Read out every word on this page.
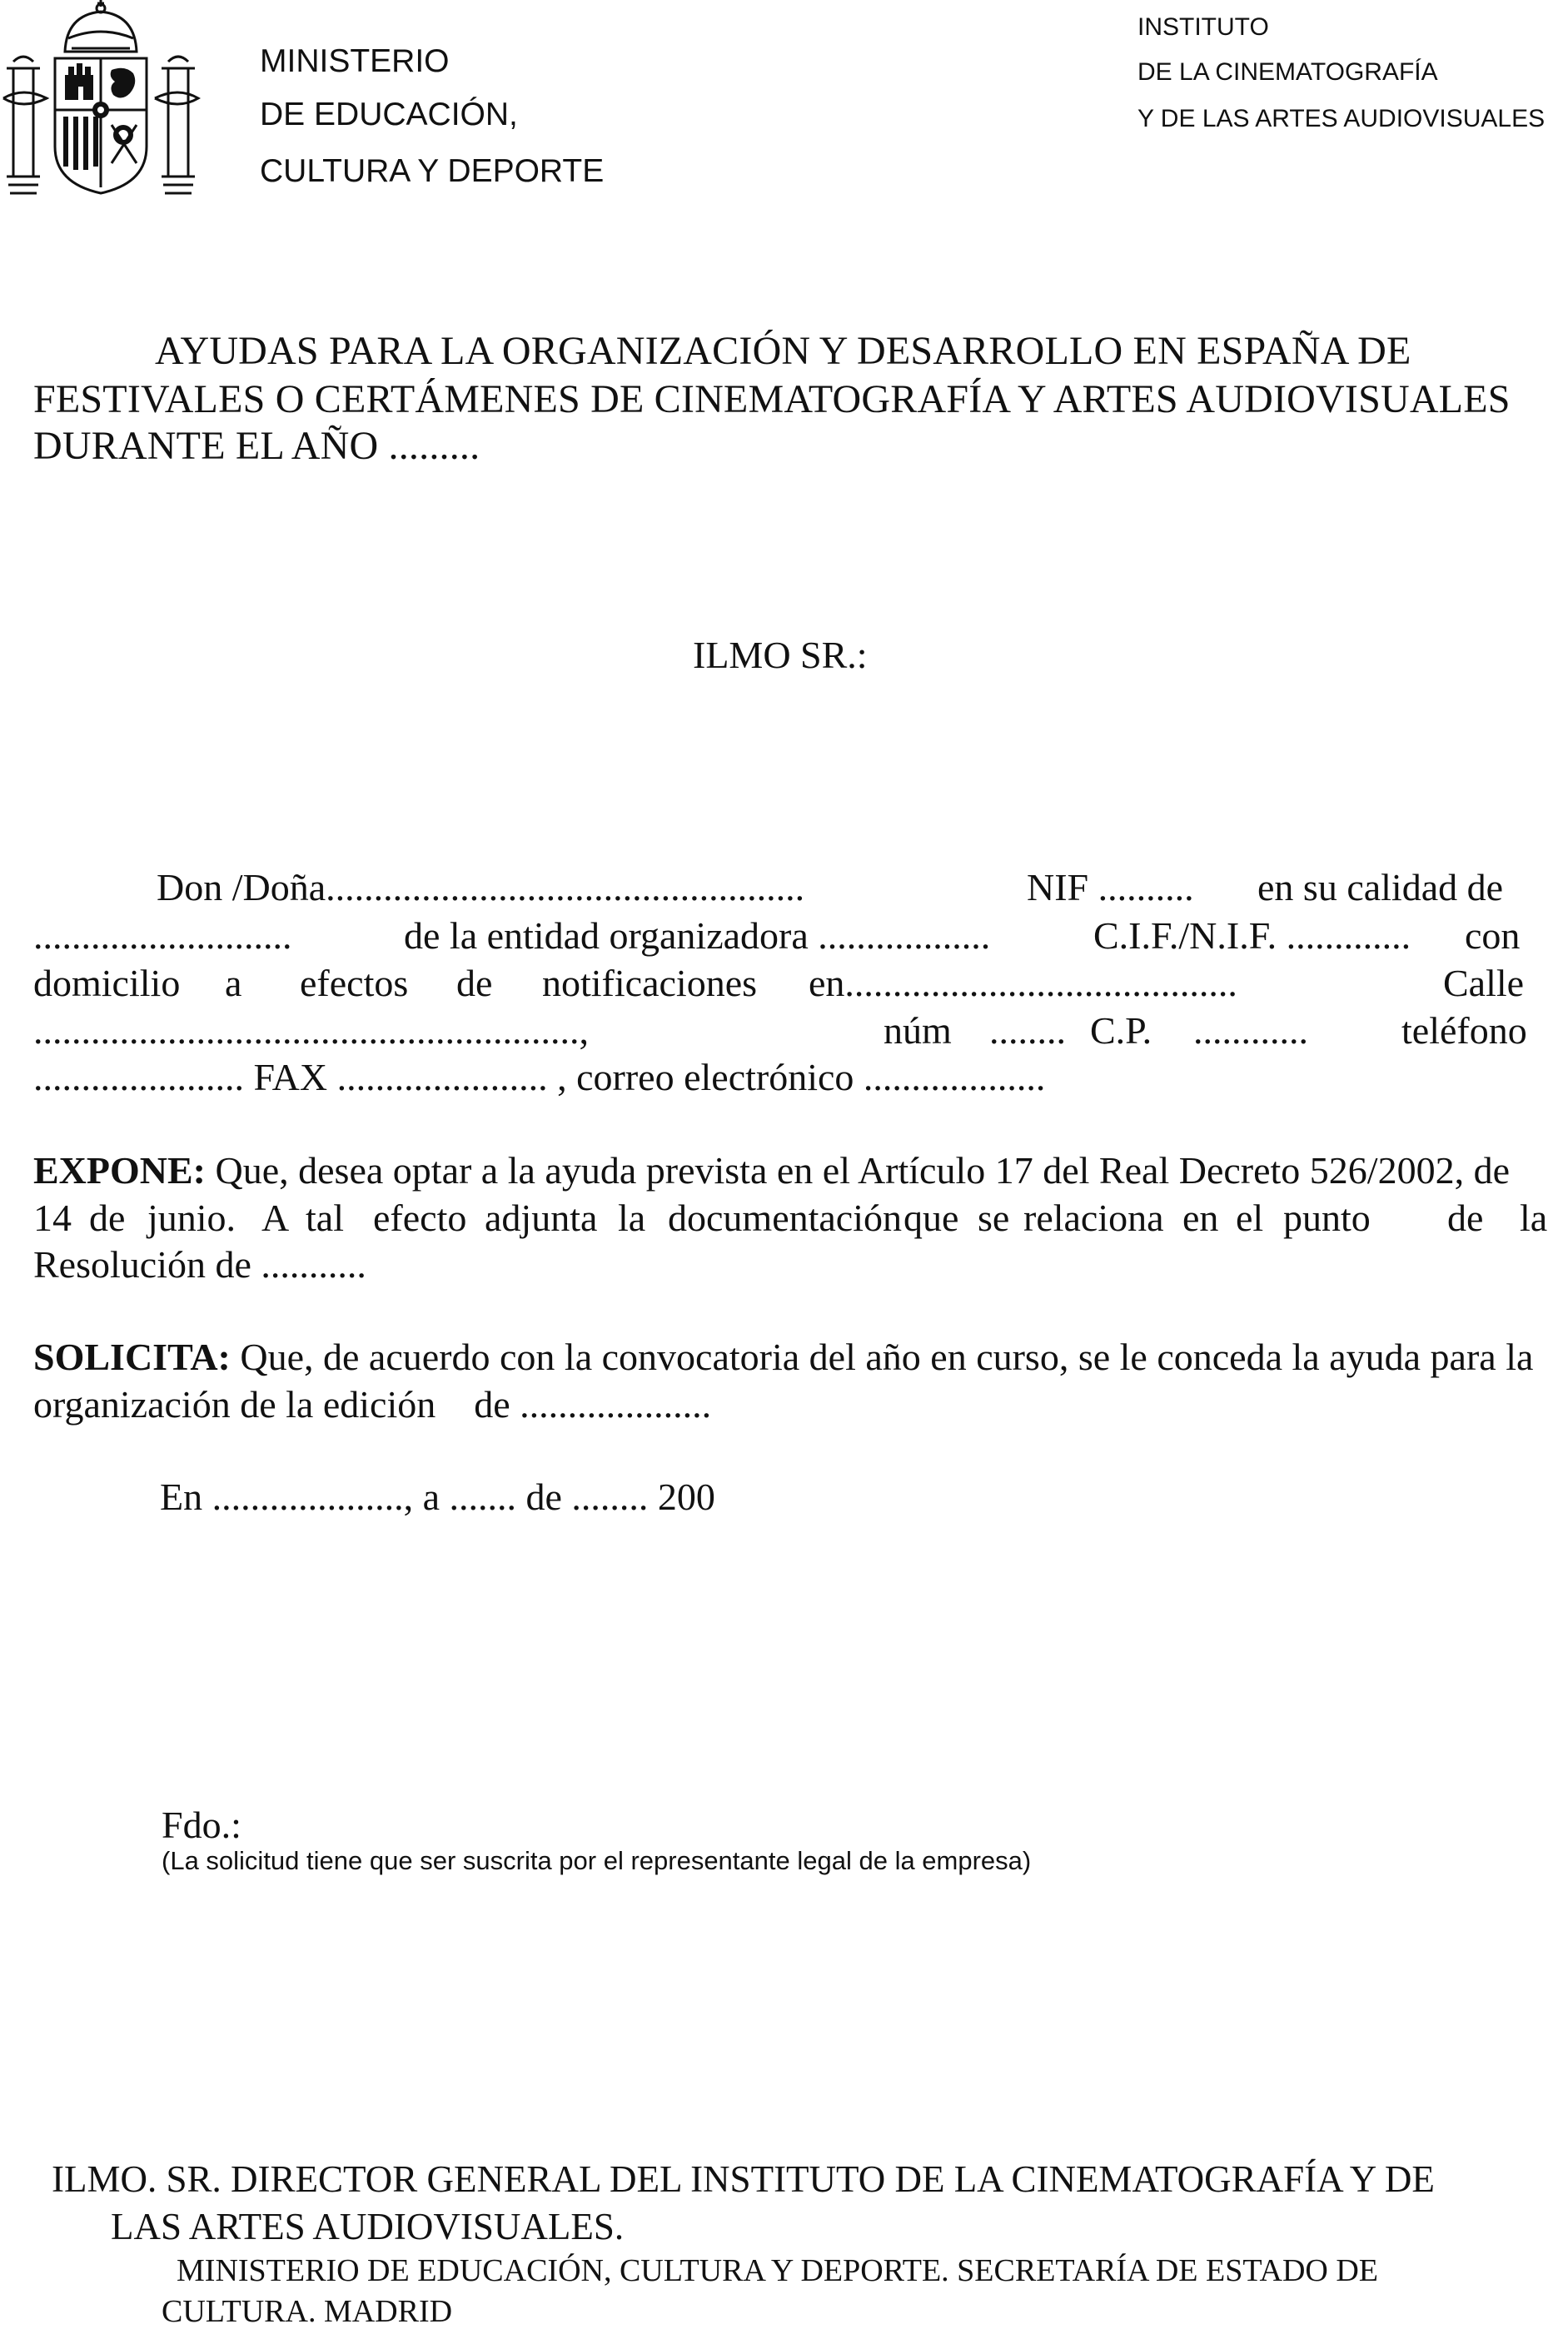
MINISTERIO
DE EDUCACIÓN,
CULTURA Y DEPORTE
INSTITUTO
DE LA CINEMATOGRAFÍA
Y DE LAS ARTES AUDIOVISUALES
AYUDAS PARA LA ORGANIZACIÓN Y DESARROLLO EN ESPAÑA DE
FESTIVALES O CERTÁMENES DE CINEMATOGRAFÍA Y ARTES AUDIOVISUALES
DURANTE EL AÑO .........
ILMO SR.:
Don /Doña..................................................	NIF .......... en su calidad de
...........................	de la entidad organizadora ..................	C.I.F./N.I.F. ............. con
domicilio a efectos de notificaciones en.........................................	Calle
.........................................................,	núm ........ C.P. ............ teléfono
...................... FAX ...................... , correo electrónico ...................
EXPONE: Que, desea optar a la ayuda prevista en el Artículo 17 del Real Decreto 526/2002, de
14 de junio. A tal efecto adjunta la documentación que se relaciona en el punto de la
Resolución de ...........
SOLICITA: Que, de acuerdo con la convocatoria del año en curso, se le conceda la ayuda para la
organización de la edición    de ....................
En ...................., a ....... de ........ 200
Fdo.:
(La solicitud tiene que ser suscrita por el representante legal de la empresa)
ILMO. SR. DIRECTOR GENERAL DEL INSTITUTO DE LA CINEMATOGRAFÍA Y DE
LAS ARTES AUDIOVISUALES.
MINISTERIO DE EDUCACIÓN, CULTURA Y DEPORTE. SECRETARÍA DE ESTADO DE
CULTURA. MADRID
